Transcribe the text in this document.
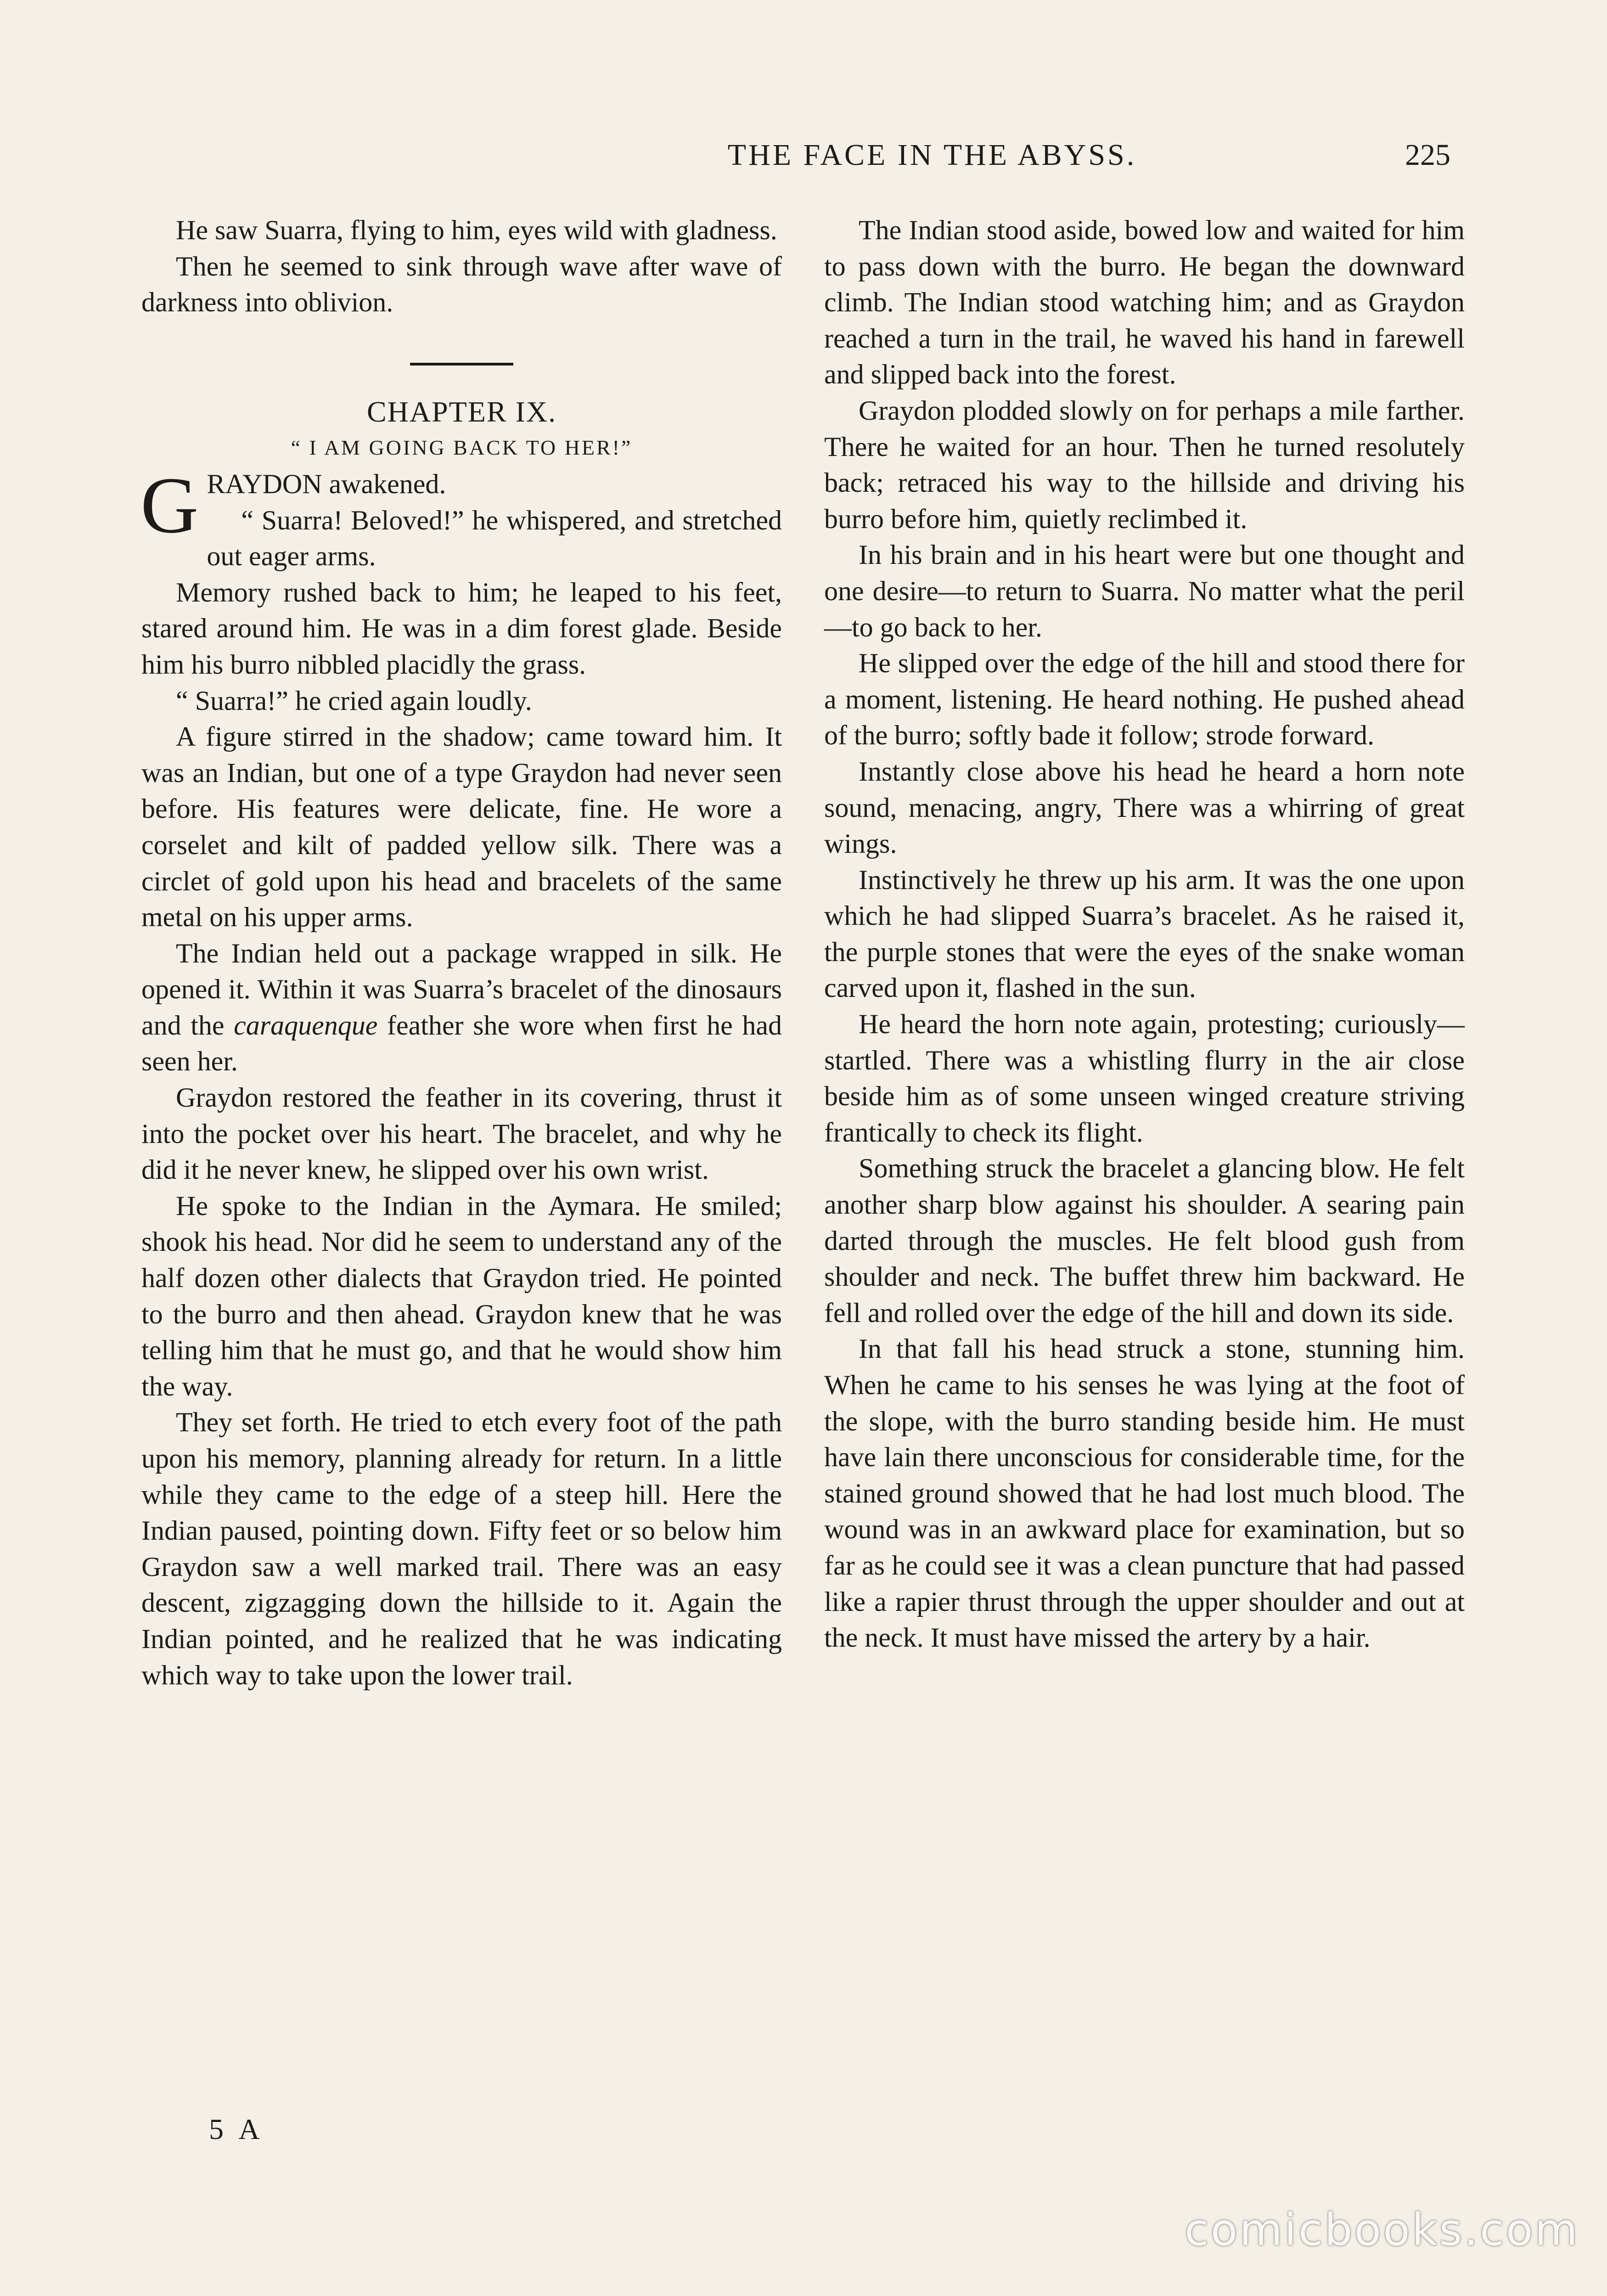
THE FACE IN THE ABYSS.	225

He saw Suarra, flying to him, eyes wild with gladness.

Then he seemed to sink through wave after wave of darkness into oblivion.

CHAPTER IX.

“ I AM GOING BACK TO HER!”

G RAYDON awakened.

“ Suarra! Beloved!” he whispered, and stretched out eager arms.

Memory rushed back to him; he leaped to his feet, stared around him. He was in a dim forest glade. Beside him his burro nibbled placidly the grass.

“ Suarra!” he cried again loudly.

A figure stirred in the shadow; came toward him. It was an Indian, but one of a type Graydon had never seen before. His features were delicate, fine. He wore a corselet and kilt of padded yellow silk. There was a circlet of gold upon his head and bracelets of the same metal on his upper arms.

The Indian held out a package wrapped in silk. He opened it. Within it was Suarra’s bracelet of the dinosaurs and the caraquenque feather she wore when first he had seen her.

Graydon restored the feather in its covering, thrust it into the pocket over his heart. The bracelet, and why he did it he never knew, he slipped over his own wrist.

He spoke to the Indian in the Aymara. He smiled; shook his head. Nor did he seem to understand any of the half dozen other dialects that Graydon tried. He pointed to the burro and then ahead. Graydon knew that he was telling him that he must go, and that he would show him the way.

They set forth. He tried to etch every foot of the path upon his memory, planning already for return. In a little while they came to the edge of a steep hill. Here the Indian paused, pointing down. Fifty feet or so below him Graydon saw a well marked trail. There was an easy descent, zigzagging down the hillside to it. Again the Indian pointed, and he realized that he was indicating which way to take upon the lower trail.

The Indian stood aside, bowed low and waited for him to pass down with the burro. He began the downward climb. The Indian stood watching him; and as Graydon reached a turn in the trail, he waved his hand in farewell and slipped back into the forest.

Graydon plodded slowly on for perhaps a mile farther. There he waited for an hour. Then he turned resolutely back; retraced his way to the hillside and driving his burro before him, quietly reclimbed it.

In his brain and in his heart were but one thought and one desire—to return to Suarra. No matter what the peril—to go back to her.

He slipped over the edge of the hill and stood there for a moment, listening. He heard nothing. He pushed ahead of the burro; softly bade it follow; strode forward.

Instantly close above his head he heard a horn note sound, menacing, angry, There was a whirring of great wings.

Instinctively he threw up his arm. It was the one upon which he had slipped Suarra’s bracelet. As he raised it, the purple stones that were the eyes of the snake woman carved upon it, flashed in the sun.

He heard the horn note again, protesting; curiously—startled. There was a whistling flurry in the air close beside him as of some unseen winged creature striving frantically to check its flight.

Something struck the bracelet a glancing blow. He felt another sharp blow against his shoulder. A searing pain darted through the muscles. He felt blood gush from shoulder and neck. The buffet threw him backward. He fell and rolled over the edge of the hill and down its side.

In that fall his head struck a stone, stunning him. When he came to his senses he was lying at the foot of the slope, with the burro standing beside him. He must have lain there unconscious for considerable time, for the stained ground showed that he had lost much blood. The wound was in an awkward place for examination, but so far as he could see it was a clean puncture that had passed like a rapier thrust through the upper shoulder and out at the neck. It must have missed the artery by a hair.

5 A
comicbooks.com
